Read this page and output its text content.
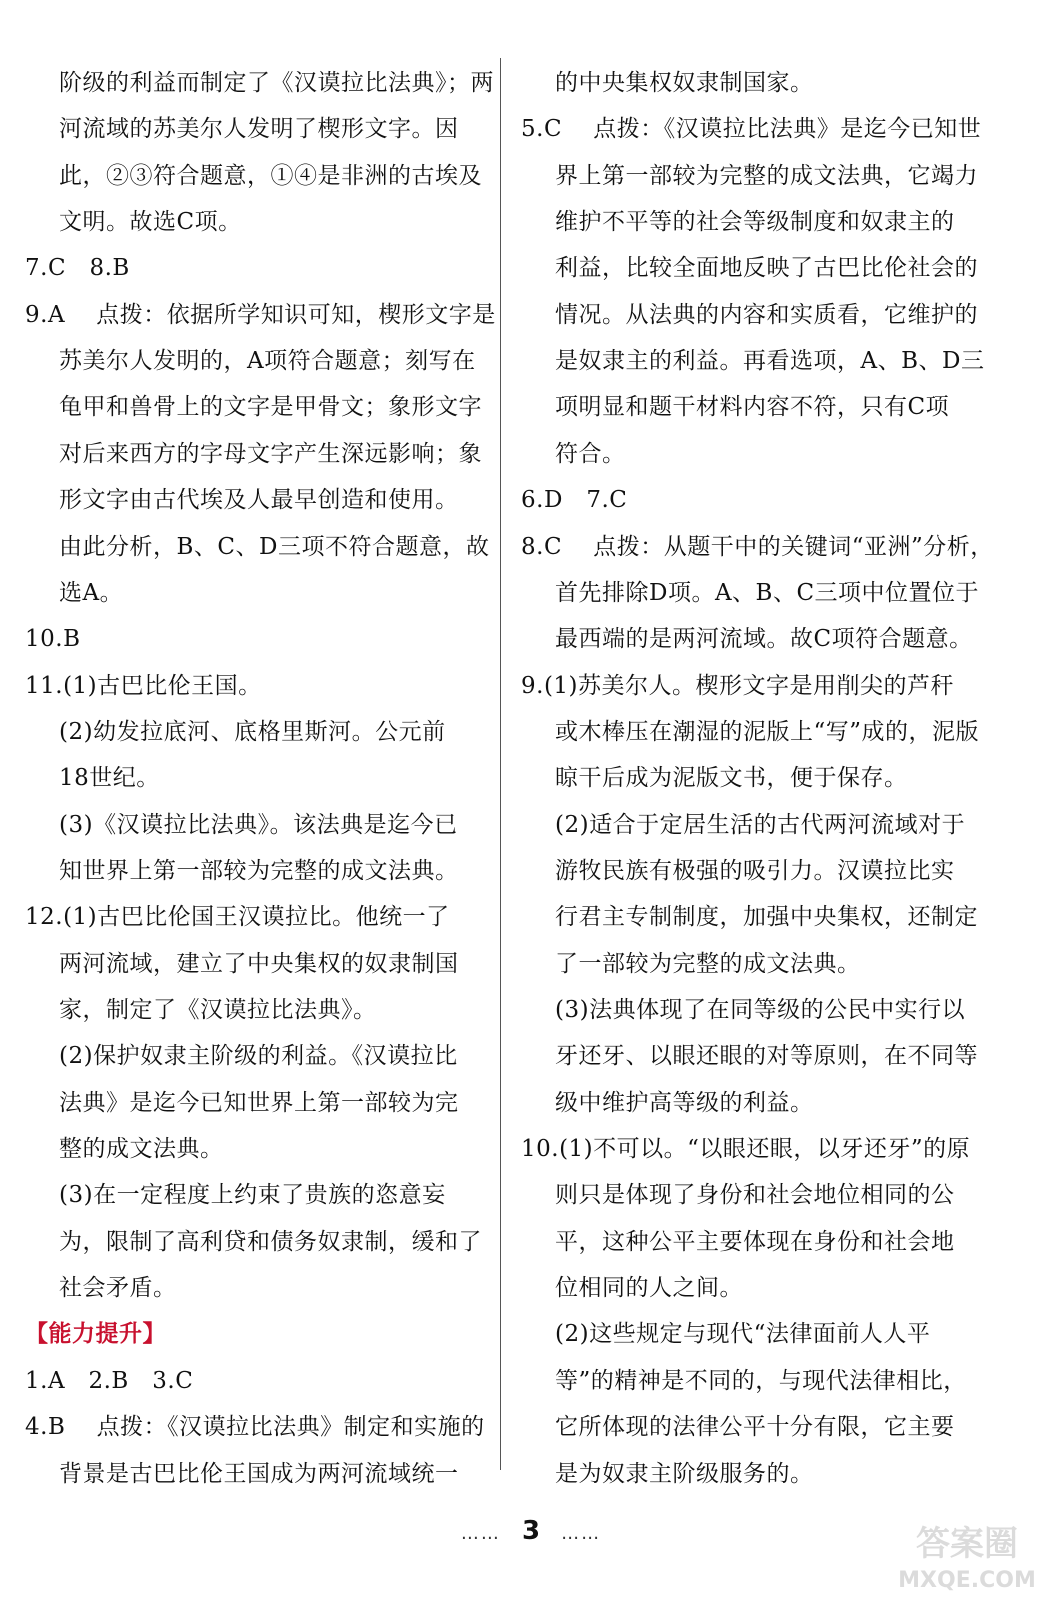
阶级的利益而制定了《汉谟拉比法典》；两
河流域的苏美尔人发明了楔形文字。因
此，②③符合题意，①④是非洲的古埃及
文明。故选C项。
7.C   8.B
9.A    点拨：依据所学知识可知，楔形文字是
苏美尔人发明的，A项符合题意；刻写在
龟甲和兽骨上的文字是甲骨文；象形文字
对后来西方的字母文字产生深远影响；象
形文字由古代埃及人最早创造和使用。
由此分析，B、C、D三项不符合题意，故
选A。
10.B
11.(1)古巴比伦王国。
(2)幼发拉底河、底格里斯河。公元前
18世纪。
(3)《汉谟拉比法典》。该法典是迄今已
知世界上第一部较为完整的成文法典。
12.(1)古巴比伦国王汉谟拉比。他统一了
两河流域，建立了中央集权的奴隶制国
家，制定了《汉谟拉比法典》。
(2)保护奴隶主阶级的利益。《汉谟拉比
法典》是迄今已知世界上第一部较为完
整的成文法典。
(3)在一定程度上约束了贵族的恣意妄
为，限制了高利贷和债务奴隶制，缓和了
社会矛盾。
【能力提升】
1.A   2.B   3.C
4.B    点拨：《汉谟拉比法典》制定和实施的
背景是古巴比伦王国成为两河流域统一
的中央集权奴隶制国家。
5.C    点拨：《汉谟拉比法典》是迄今已知世
界上第一部较为完整的成文法典，它竭力
维护不平等的社会等级制度和奴隶主的
利益，比较全面地反映了古巴比伦社会的
情况。从法典的内容和实质看，它维护的
是奴隶主的利益。再看选项，A、B、D三
项明显和题干材料内容不符，只有C项
符合。
6.D   7.C
8.C    点拨：从题干中的关键词“亚洲”分析，
首先排除D项。A、B、C三项中位置位于
最西端的是两河流域。故C项符合题意。
9.(1)苏美尔人。楔形文字是用削尖的芦秆
或木棒压在潮湿的泥版上“写”成的，泥版
晾干后成为泥版文书，便于保存。
(2)适合于定居生活的古代两河流域对于
游牧民族有极强的吸引力。汉谟拉比实
行君主专制制度，加强中央集权，还制定
了一部较为完整的成文法典。
(3)法典体现了在同等级的公民中实行以
牙还牙、以眼还眼的对等原则，在不同等
级中维护高等级的利益。
10.(1)不可以。“以眼还眼，以牙还牙”的原
则只是体现了身份和社会地位相同的公
平，这种公平主要体现在身份和社会地
位相同的人之间。
(2)这些规定与现代“法律面前人人平
等”的精神是不同的，与现代法律相比，
它所体现的法律公平十分有限，它主要
是为奴隶主阶级服务的。
…… 3 ……	答案圈
MXQE.COM
